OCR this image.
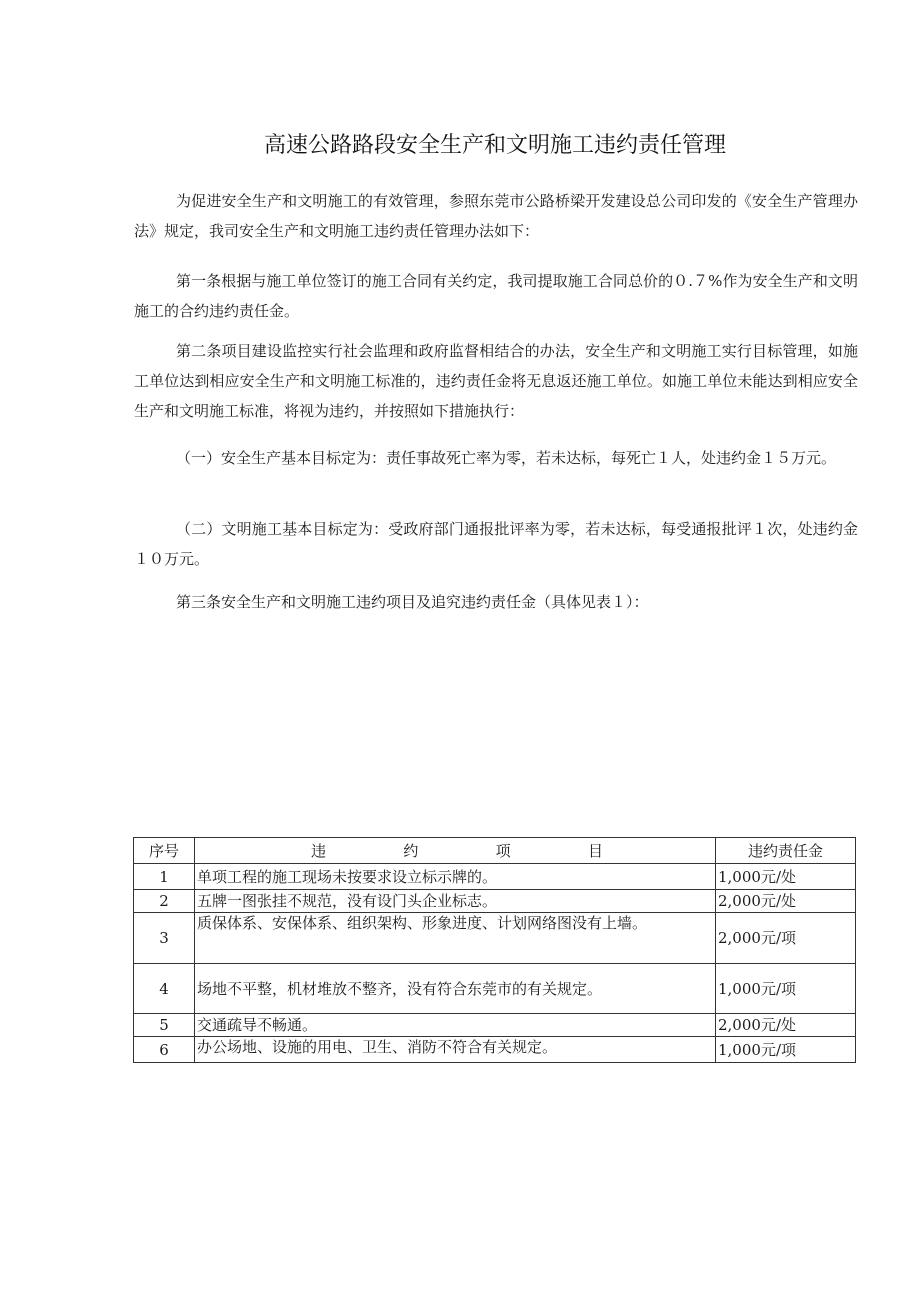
高速公路路段安全生产和文明施工违约责任管理

为促进安全生产和文明施工的有效管理，参照东莞市公路桥梁开发建设总公司印发的《安全生产管理办法》规定，我司安全生产和文明施工违约责任管理办法如下：

第一条根据与施工单位签订的施工合同有关约定，我司提取施工合同总价的０.７%作为安全生产和文明施工的合约违约责任金。

第二条项目建设监控实行社会监理和政府监督相结合的办法，安全生产和文明施工实行目标管理，如施工单位达到相应安全生产和文明施工标准的，违约责任金将无息返还施工单位。如施工单位未能达到相应安全生产和文明施工标准，将视为违约，并按照如下措施执行：

（一）安全生产基本目标定为：责任事故死亡率为零，若未达标，每死亡１人，处违约金１５万元。

（二）文明施工基本目标定为：受政府部门通报批评率为零，若未达标，每受通报批评１次，处违约金１０万元。

第三条安全生产和文明施工违约项目及追究违约责任金（具体见表１）：

序号	违 约 项 目	违约责任金
1	单项工程的施工现场未按要求设立标示牌的。	1,000元/处
2	五牌一图张挂不规范，没有设门头企业标志。	2,000元/处
3	质保体系、安保体系、组织架构、形象进度、计划网络图没有上墙。	2,000元/项
4	场地不平整，机材堆放不整齐，没有符合东莞市的有关规定。	1,000元/项
5	交通疏导不畅通。	2,000元/处
6	办公场地、设施的用电、卫生、消防不符合有关规定。	1,000元/项
